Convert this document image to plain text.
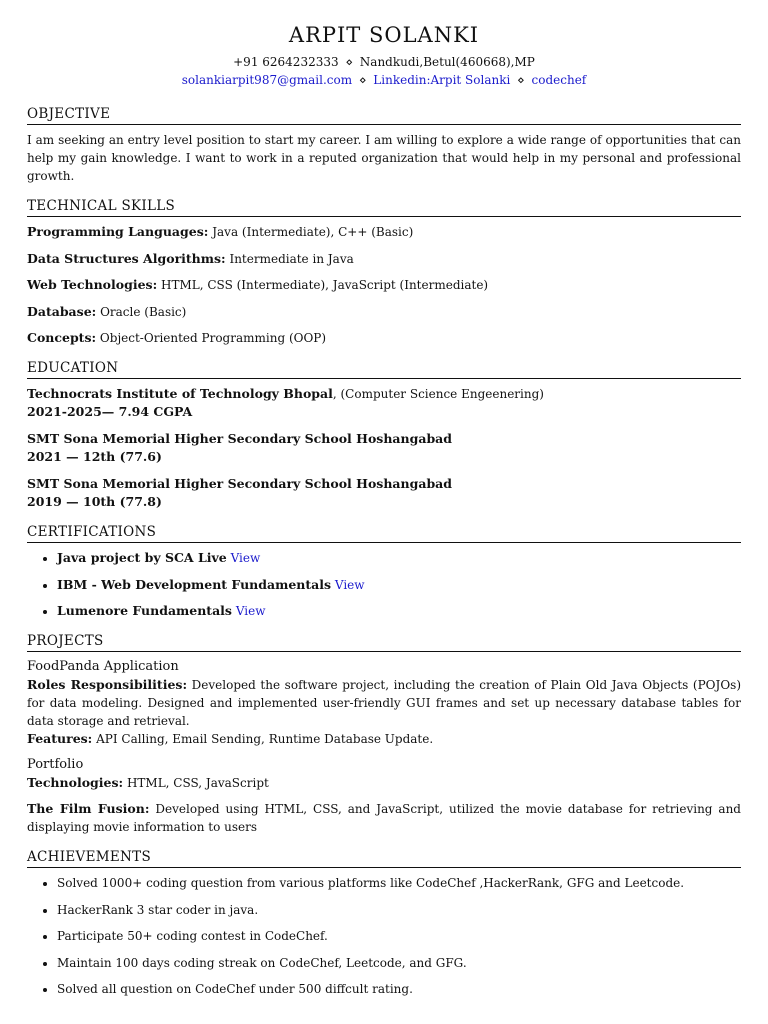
ARPIT SOLANKI
+91 6264232333 ⋄ Nandkudi,Betul(460668),MP
solankiarpit987@gmail.com ⋄ Linkedin:Arpit Solanki ⋄ codechef
OBJECTIVE
I am seeking an entry level position to start my career. I am willing to explore a wide range of opportunities that can help my gain knowledge. I want to work in a reputed organization that would help in my personal and professional growth.
TECHNICAL SKILLS
Programming Languages: Java (Intermediate), C++ (Basic)
Data Structures Algorithms: Intermediate in Java
Web Technologies: HTML, CSS (Intermediate), JavaScript (Intermediate)
Database: Oracle (Basic)
Concepts: Object-Oriented Programming (OOP)
EDUCATION
Technocrats Institute of Technology Bhopal, (Computer Science Engeenering)
2021-2025— 7.94 CGPA
SMT Sona Memorial Higher Secondary School Hoshangabad
2021 — 12th (77.6)
SMT Sona Memorial Higher Secondary School Hoshangabad
2019 — 10th (77.8)
CERTIFICATIONS
• Java project by SCA Live View
• IBM - Web Development Fundamentals View
• Lumenore Fundamentals View
PROJECTS
FoodPanda Application
Roles Responsibilities: Developed the software project, including the creation of Plain Old Java Objects (POJOs) for data modeling. Designed and implemented user-friendly GUI frames and set up necessary database tables for data storage and retrieval.
Features: API Calling, Email Sending, Runtime Database Update.
Portfolio
Technologies: HTML, CSS, JavaScript
The Film Fusion: Developed using HTML, CSS, and JavaScript, utilized the movie database for retrieving and displaying movie information to users
ACHIEVEMENTS
• Solved 1000+ coding question from various platforms like CodeChef ,HackerRank, GFG and Leetcode.
• HackerRank 3 star coder in java.
• Participate 50+ coding contest in CodeChef.
• Maintain 100 days coding streak on CodeChef, Leetcode, and GFG.
• Solved all question on CodeChef under 500 diffcult rating.
